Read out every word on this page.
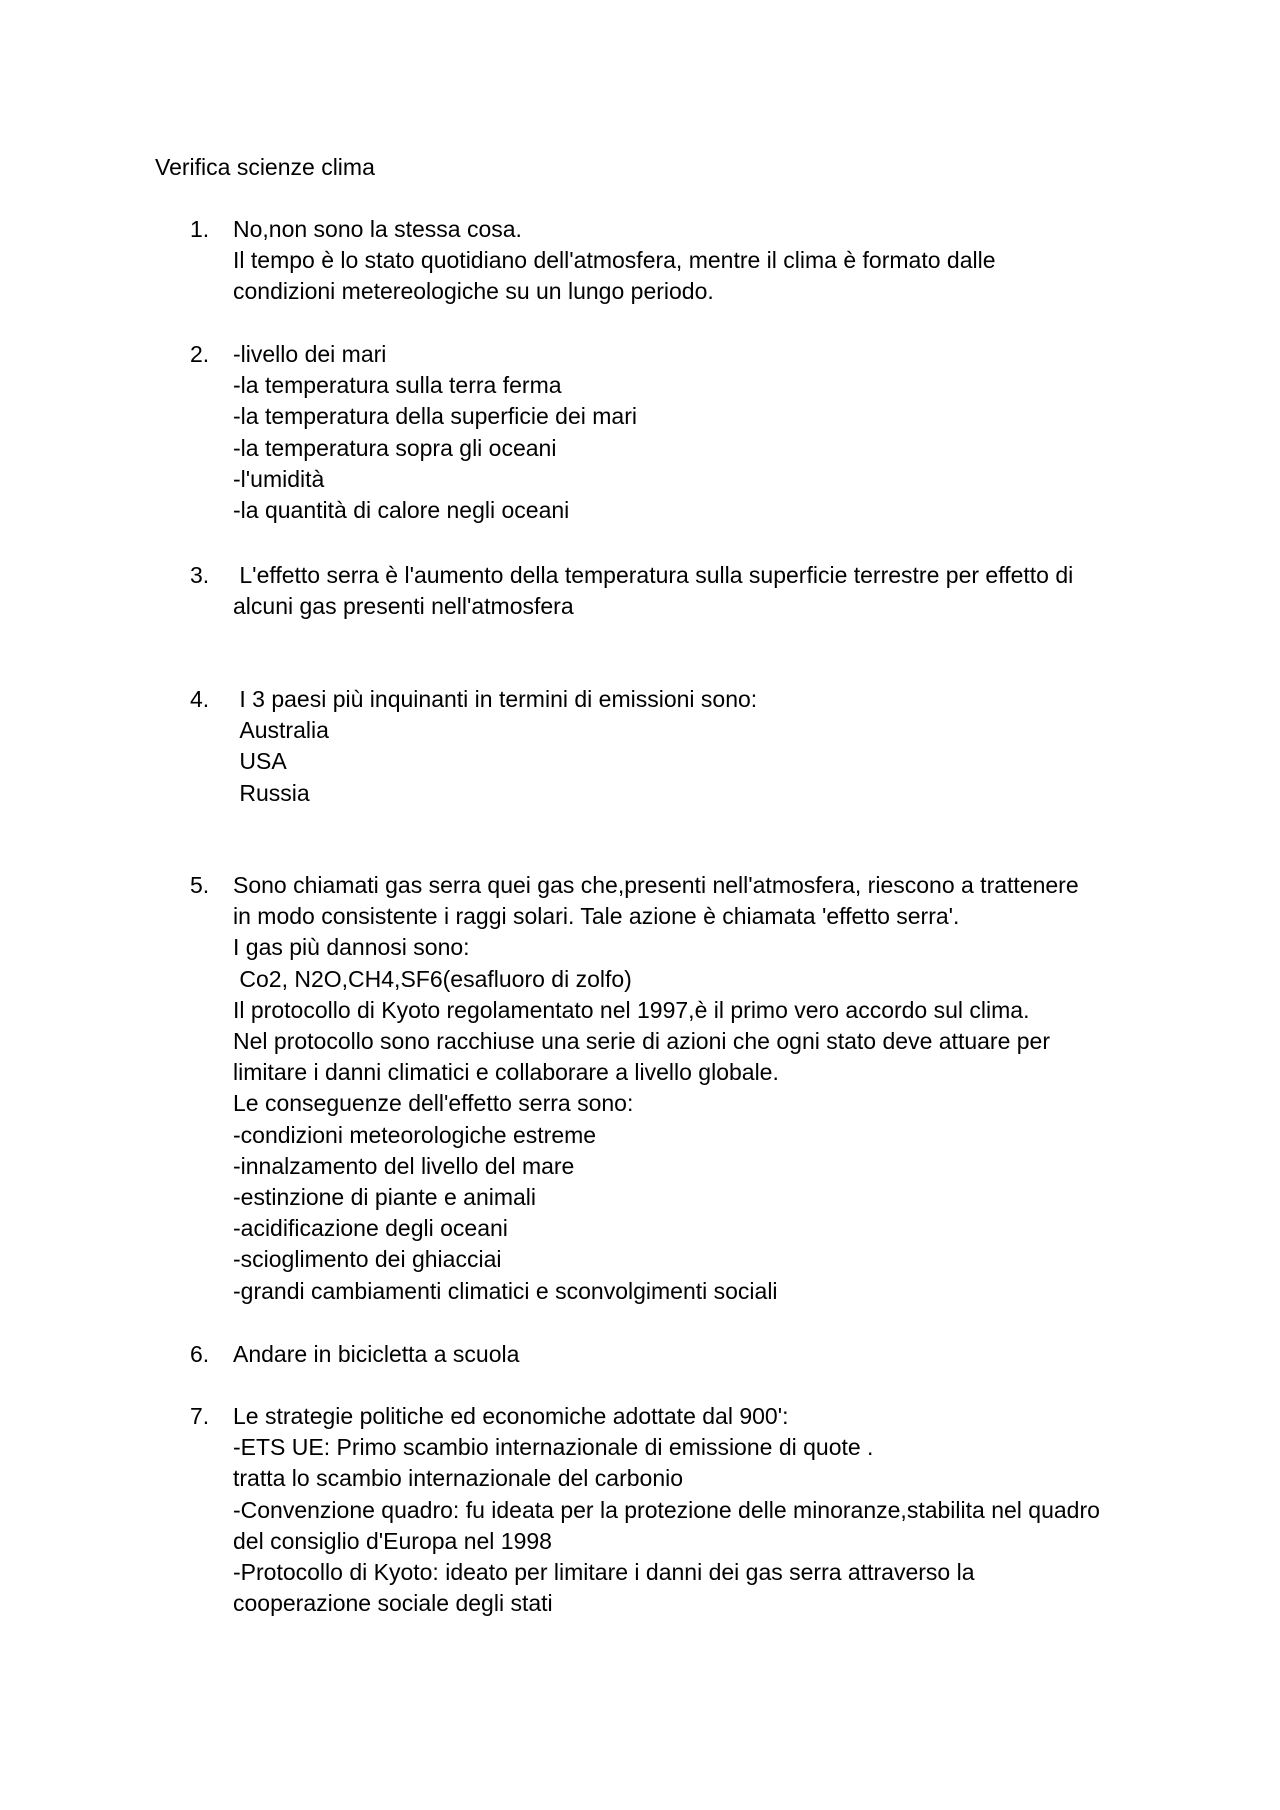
Verifica scienze clima
1.	No,non sono la stessa cosa.
Il tempo è lo stato quotidiano dell'atmosfera, mentre il clima è formato dalle
condizioni metereologiche su un lungo periodo.
2.	-livello dei mari
-la temperatura sulla terra ferma
-la temperatura della superficie dei mari
-la temperatura sopra gli oceani
-l'umidità
-la quantità di calore negli oceani
3.	L'effetto serra è l'aumento della temperatura sulla superficie terrestre per effetto di
alcuni gas presenti nell'atmosfera
4.	I 3 paesi più inquinanti in termini di emissioni sono:
Australia
USA
Russia
5.	Sono chiamati gas serra quei gas che,presenti nell'atmosfera, riescono a trattenere
in modo consistente i raggi solari. Tale azione è chiamata 'effetto serra'.
I gas più dannosi sono:
Co2, N2O,CH4,SF6(esafluoro di zolfo)
Il protocollo di Kyoto regolamentato nel 1997,è il primo vero accordo sul clima.
Nel protocollo sono racchiuse una serie di azioni che ogni stato deve attuare per
limitare i danni climatici e collaborare a livello globale.
Le conseguenze dell'effetto serra sono:
-condizioni meteorologiche estreme
-innalzamento del livello del mare
-estinzione di piante e animali
-acidificazione degli oceani
-scioglimento dei ghiacciai
-grandi cambiamenti climatici e sconvolgimenti sociali
6.	Andare in bicicletta a scuola
7.	Le strategie politiche ed economiche adottate dal 900':
-ETS UE: Primo scambio internazionale di emissione di quote .
tratta lo scambio internazionale del carbonio
-Convenzione quadro: fu ideata per la protezione delle minoranze,stabilita nel quadro
del consiglio d'Europa nel 1998
-Protocollo di Kyoto: ideato per limitare i danni dei gas serra attraverso la
cooperazione sociale degli stati
